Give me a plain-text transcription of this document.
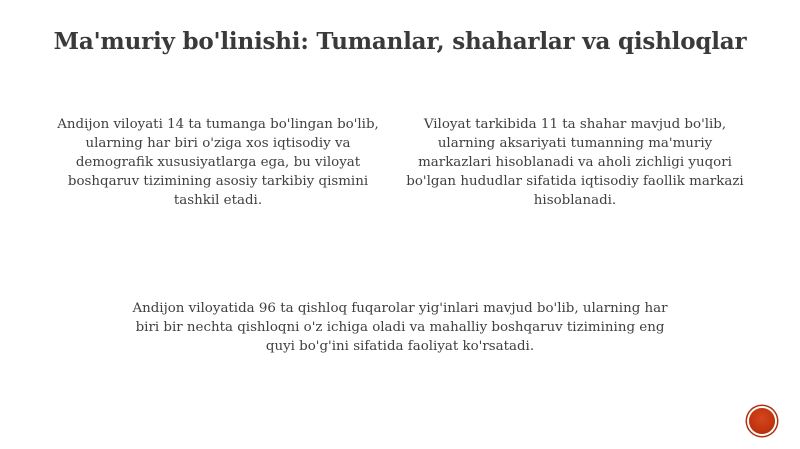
Ma'muriy bo'linishi: Tumanlar, shaharlar va qishloqlar
Andijon viloyati 14 ta tumanga bo'lingan bo'lib, ularning har biri o'ziga xos iqtisodiy va demografik xususiyatlarga ega, bu viloyat boshqaruv tizimining asosiy tarkibiy qismini tashkil etadi.
Viloyat tarkibida 11 ta shahar mavjud bo'lib, ularning aksariyati tumanning ma'muriy markazlari hisoblanadi va aholi zichligi yuqori bo'lgan hududlar sifatida iqtisodiy faollik markazi hisoblanadi.
Andijon viloyatida 96 ta qishloq fuqarolar yig'inlari mavjud bo'lib, ularning har biri bir nechta qishloqni o'z ichiga oladi va mahalliy boshqaruv tizimining eng quyi bo'g'ini sifatida faoliyat ko'rsatadi.
